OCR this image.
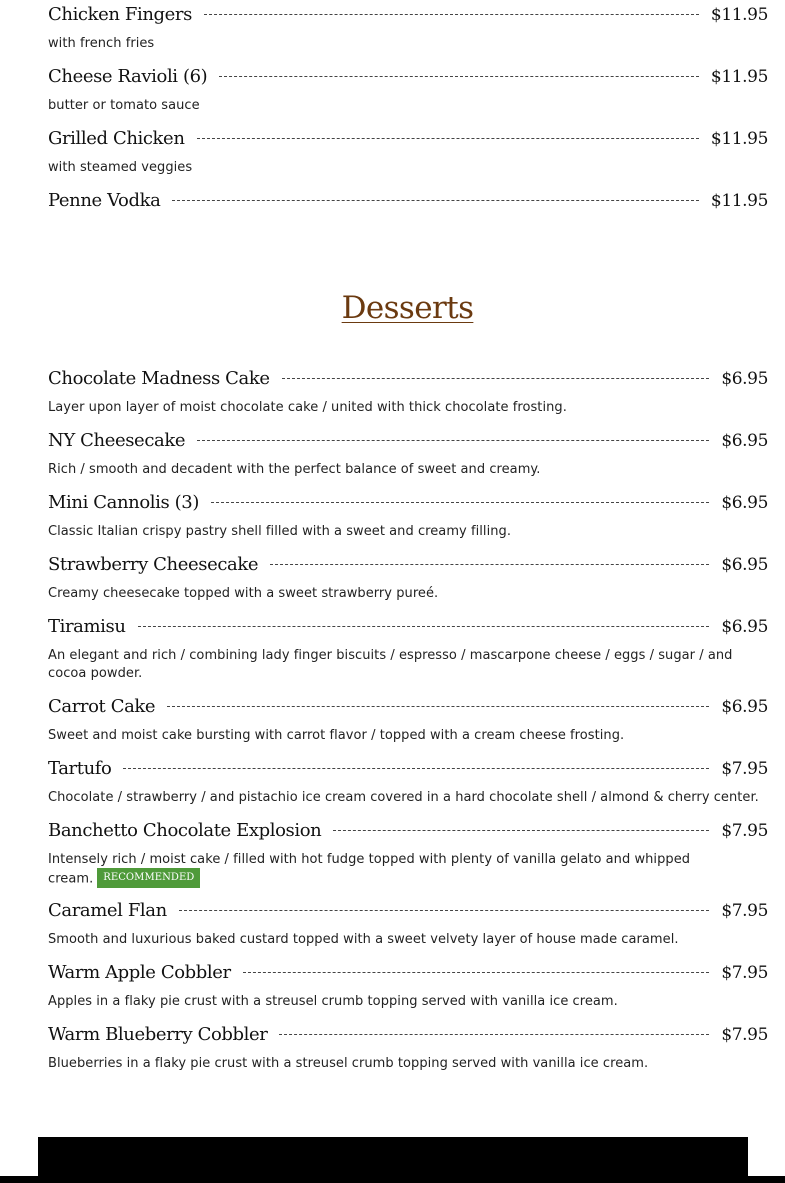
Chicken Fingers	$11.95
with french fries
Cheese Ravioli (6)	$11.95
butter or tomato sauce
Grilled Chicken	$11.95
with steamed veggies
Penne Vodka	$11.95
Desserts
Chocolate Madness Cake	$6.95
Layer upon layer of moist chocolate cake / united with thick chocolate frosting.
NY Cheesecake	$6.95
Rich / smooth and decadent with the perfect balance of sweet and creamy.
Mini Cannolis (3)	$6.95
Classic Italian crispy pastry shell filled with a sweet and creamy filling.
Strawberry Cheesecake	$6.95
Creamy cheesecake topped with a sweet strawberry pureé.
Tiramisu	$6.95
An elegant and rich / combining lady finger biscuits / espresso / mascarpone cheese / eggs / sugar / and cocoa powder.
Carrot Cake	$6.95
Sweet and moist cake bursting with carrot flavor / topped with a cream cheese frosting.
Tartufo	$7.95
Chocolate / strawberry / and pistachio ice cream covered in a hard chocolate shell / almond & cherry center.
Banchetto Chocolate Explosion	$7.95
Intensely rich / moist cake / filled with hot fudge topped with plenty of vanilla gelato and whipped cream. RECOMMENDED
Caramel Flan	$7.95
Smooth and luxurious baked custard topped with a sweet velvety layer of house made caramel.
Warm Apple Cobbler	$7.95
Apples in a flaky pie crust with a streusel crumb topping served with vanilla ice cream.
Warm Blueberry Cobbler	$7.95
Blueberries in a flaky pie crust with a streusel crumb topping served with vanilla ice cream.
